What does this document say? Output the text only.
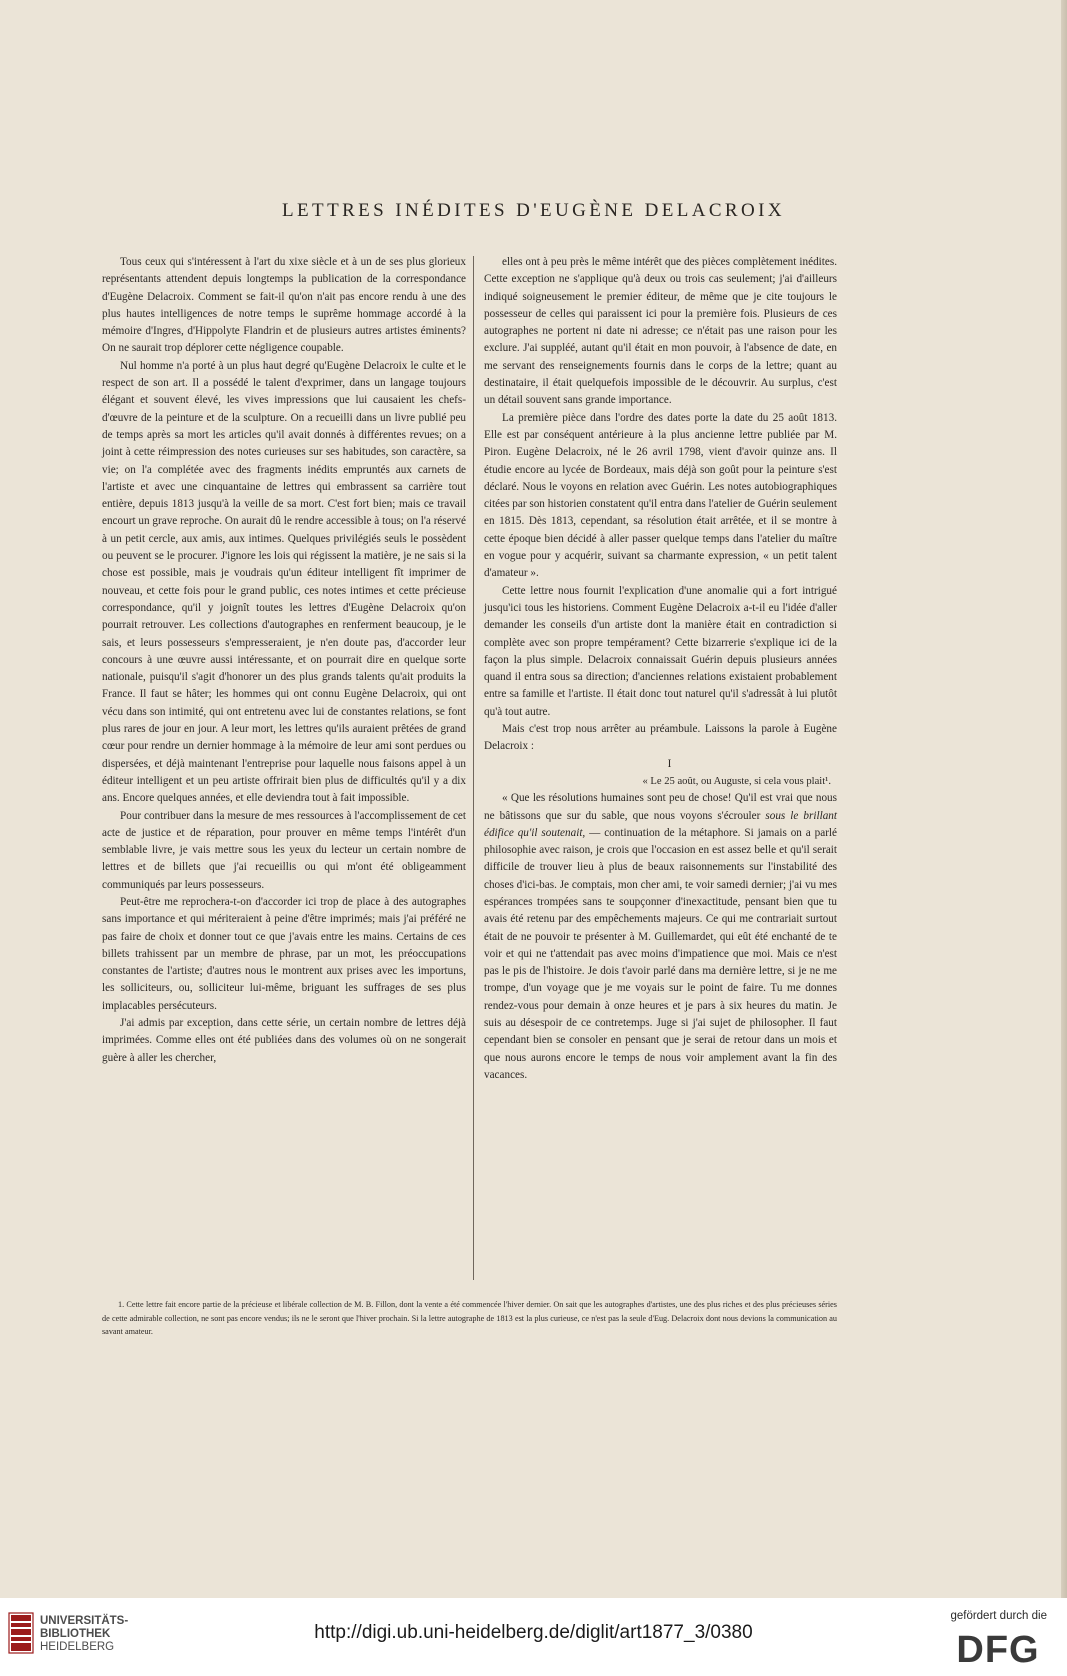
LETTRES INÉDITES D'EUGÈNE DELACROIX

Tous ceux qui s'intéressent à l'art du xixe siècle et à un de ses plus glorieux représentants attendent depuis longtemps la publication de la correspondance d'Eugène Delacroix. Comment se fait-il qu'on n'ait pas encore rendu à une des plus hautes intelligences de notre temps le suprême hommage accordé à la mémoire d'Ingres, d'Hippolyte Flandrin et de plusieurs autres artistes éminents? On ne saurait trop déplorer cette négligence coupable.

Nul homme n'a porté à un plus haut degré qu'Eugène Delacroix le culte et le respect de son art. Il a possédé le talent d'exprimer, dans un langage toujours élégant et souvent élevé, les vives impressions que lui causaient les chefs-d'œuvre de la peinture et de la sculpture. On a recueilli dans un livre publié peu de temps après sa mort les articles qu'il avait donnés à différentes revues; on a joint à cette réimpression des notes curieuses sur ses habitudes, son caractère, sa vie; on l'a complétée avec des fragments inédits empruntés aux carnets de l'artiste et avec une cinquantaine de lettres qui embrassent sa carrière tout entière, depuis 1813 jusqu'à la veille de sa mort. C'est fort bien; mais ce travail encourt un grave reproche. On aurait dû le rendre accessible à tous; on l'a réservé à un petit cercle, aux amis, aux intimes. Quelques privilégiés seuls le possèdent ou peuvent se le procurer. J'ignore les lois qui régissent la matière, je ne sais si la chose est possible, mais je voudrais qu'un éditeur intelligent fît imprimer de nouveau, et cette fois pour le grand public, ces notes intimes et cette précieuse correspondance, qu'il y joignît toutes les lettres d'Eugène Delacroix qu'on pourrait retrouver. Les collections d'autographes en renferment beaucoup, je le sais, et leurs possesseurs s'empresseraient, je n'en doute pas, d'accorder leur concours à une œuvre aussi intéressante, et on pourrait dire en quelque sorte nationale, puisqu'il s'agit d'honorer un des plus grands talents qu'ait produits la France. Il faut se hâter; les hommes qui ont connu Eugène Delacroix, qui ont vécu dans son intimité, qui ont entretenu avec lui de constantes relations, se font plus rares de jour en jour. A leur mort, les lettres qu'ils auraient prêtées de grand cœur pour rendre un dernier hommage à la mémoire de leur ami sont perdues ou dispersées, et déjà maintenant l'entreprise pour laquelle nous faisons appel à un éditeur intelligent et un peu artiste offrirait bien plus de difficultés qu'il y a dix ans. Encore quelques années, et elle deviendra tout à fait impossible.

Pour contribuer dans la mesure de mes ressources à l'accomplissement de cet acte de justice et de réparation, pour prouver en même temps l'intérêt d'un semblable livre, je vais mettre sous les yeux du lecteur un certain nombre de lettres et de billets que j'ai recueillis ou qui m'ont été obligeamment communiqués par leurs possesseurs.

Peut-être me reprochera-t-on d'accorder ici trop de place à des autographes sans importance et qui mériteraient à peine d'être imprimés; mais j'ai préféré ne pas faire de choix et donner tout ce que j'avais entre les mains. Certains de ces billets trahissent par un membre de phrase, par un mot, les préoccupations constantes de l'artiste; d'autres nous le montrent aux prises avec les importuns, les solliciteurs, ou, solliciteur lui-même, briguant les suffrages de ses plus implacables persécuteurs.

J'ai admis par exception, dans cette série, un certain nombre de lettres déjà imprimées. Comme elles ont été publiées dans des volumes où on ne songerait guère à aller les chercher,

elles ont à peu près le même intérêt que des pièces complètement inédites. Cette exception ne s'applique qu'à deux ou trois cas seulement; j'ai d'ailleurs indiqué soigneusement le premier éditeur, de même que je cite toujours le possesseur de celles qui paraissent ici pour la première fois. Plusieurs de ces autographes ne portent ni date ni adresse; ce n'était pas une raison pour les exclure. J'ai suppléé, autant qu'il était en mon pouvoir, à l'absence de date, en me servant des renseignements fournis dans le corps de la lettre; quant au destinataire, il était quelquefois impossible de le découvrir. Au surplus, c'est un détail souvent sans grande importance.

La première pièce dans l'ordre des dates porte la date du 25 août 1813. Elle est par conséquent antérieure à la plus ancienne lettre publiée par M. Piron. Eugène Delacroix, né le 26 avril 1798, vient d'avoir quinze ans. Il étudie encore au lycée de Bordeaux, mais déjà son goût pour la peinture s'est déclaré. Nous le voyons en relation avec Guérin. Les notes autobiographiques citées par son historien constatent qu'il entra dans l'atelier de Guérin seulement en 1815. Dès 1813, cependant, sa résolution était arrêtée, et il se montre à cette époque bien décidé à aller passer quelque temps dans l'atelier du maître en vogue pour y acquérir, suivant sa charmante expression, « un petit talent d'amateur ».

Cette lettre nous fournit l'explication d'une anomalie qui a fort intrigué jusqu'ici tous les historiens. Comment Eugène Delacroix a-t-il eu l'idée d'aller demander les conseils d'un artiste dont la manière était en contradiction si complète avec son propre tempérament? Cette bizarrerie s'explique ici de la façon la plus simple. Delacroix connaissait Guérin depuis plusieurs années quand il entra sous sa direction; d'anciennes relations existaient probablement entre sa famille et l'artiste. Il était donc tout naturel qu'il s'adressât à lui plutôt qu'à tout autre.

Mais c'est trop nous arrêter au préambule. Laissons la parole à Eugène Delacroix :

I

« Le 25 août, ou Auguste, si cela vous plait¹.

« Que les résolutions humaines sont peu de chose! Qu'il est vrai que nous ne bâtissons que sur du sable, que nous voyons s'écrouler sous le brillant édifice qu'il soutenait, — continuation de la métaphore. Si jamais on a parlé philosophie avec raison, je crois que l'occasion en est assez belle et qu'il serait difficile de trouver lieu à plus de beaux raisonnements sur l'instabilité des choses d'ici-bas. Je comptais, mon cher ami, te voir samedi dernier; j'ai vu mes espérances trompées sans te soupçonner d'inexactitude, pensant bien que tu avais été retenu par des empêchements majeurs. Ce qui me contrariait surtout était de ne pouvoir te présenter à M. Guillemardet, qui eût été enchanté de te voir et qui ne t'attendait pas avec moins d'impatience que moi. Mais ce n'est pas le pis de l'histoire. Je dois t'avoir parlé dans ma dernière lettre, si je ne me trompe, d'un voyage que je me voyais sur le point de faire. Tu me donnes rendez-vous pour demain à onze heures et je pars à six heures du matin. Je suis au désespoir de ce contretemps. Juge si j'ai sujet de philosopher. Il faut cependant bien se consoler en pensant que je serai de retour dans un mois et que nous aurons encore le temps de nous voir amplement avant la fin des vacances.

1. Cette lettre fait encore partie de la précieuse et libérale collection de M. B. Fillon, dont la vente a été commencée l'hiver dernier. On sait que les autographes d'artistes, une des plus riches et des plus précieuses séries de cette admirable collection, ne sont pas encore vendus; ils ne le seront que l'hiver prochain. Si la lettre autographe de 1813 est la plus curieuse, ce n'est pas la seule d'Eug. Delacroix dont nous devions la communication au savant amateur.

UNIVERSITÄTS-
BIBLIOTHEK
HEIDELBERG
http://digi.ub.uni-heidelberg.de/diglit/art1877_3/0380
gefördert durch die
DFG
